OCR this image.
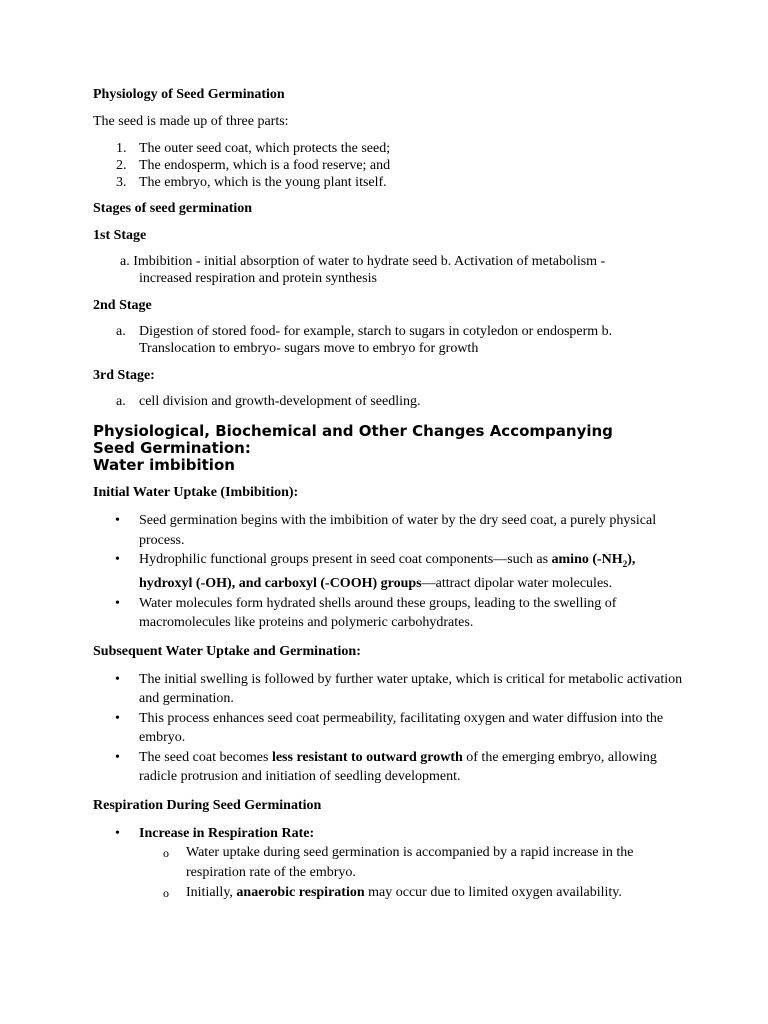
Physiology of Seed Germination

The seed is made up of three parts:

1. The outer seed coat, which protects the seed;
2. The endosperm, which is a food reserve; and
3. The embryo, which is the young plant itself.

Stages of seed germination

1st Stage

a. Imbibition - initial absorption of water to hydrate seed b. Activation of metabolism -
increased respiration and protein synthesis

2nd Stage

a. Digestion of stored food- for example, starch to sugars in cotyledon or endosperm b. Translocation to embryo- sugars move to embryo for growth

3rd Stage:

a. cell division and growth-development of seedling.

Physiological, Biochemical and Other Changes Accompanying

Seed Germination:

Water imbibition

Initial Water Uptake (Imbibition):

• Seed germination begins with the imbibition of water by the dry seed coat, a purely physical process.
• Hydrophilic functional groups present in seed coat components—such as amino $(-NH_2)$, hydroxyl (-OH), and carboxyl (-COOH) groups—attract dipolar water molecules.
• Water molecules form hydrated shells around these groups, leading to the swelling of macromolecules like proteins and polymeric carbohydrates.

Subsequent Water Uptake and Germination:

• The initial swelling is followed by further water uptake, which is critical for metabolic activation and germination.
• This process enhances seed coat permeability, facilitating oxygen and water diffusion into the embryo.
• The seed coat becomes less resistant to outward growth of the emerging embryo, allowing radicle protrusion and initiation of seedling development.

Respiration During Seed Germination

• Increase in Respiration Rate:
o Water uptake during seed germination is accompanied by a rapid increase in the respiration rate of the embryo.
o Initially, anaerobic respiration may occur due to limited oxygen availability.
